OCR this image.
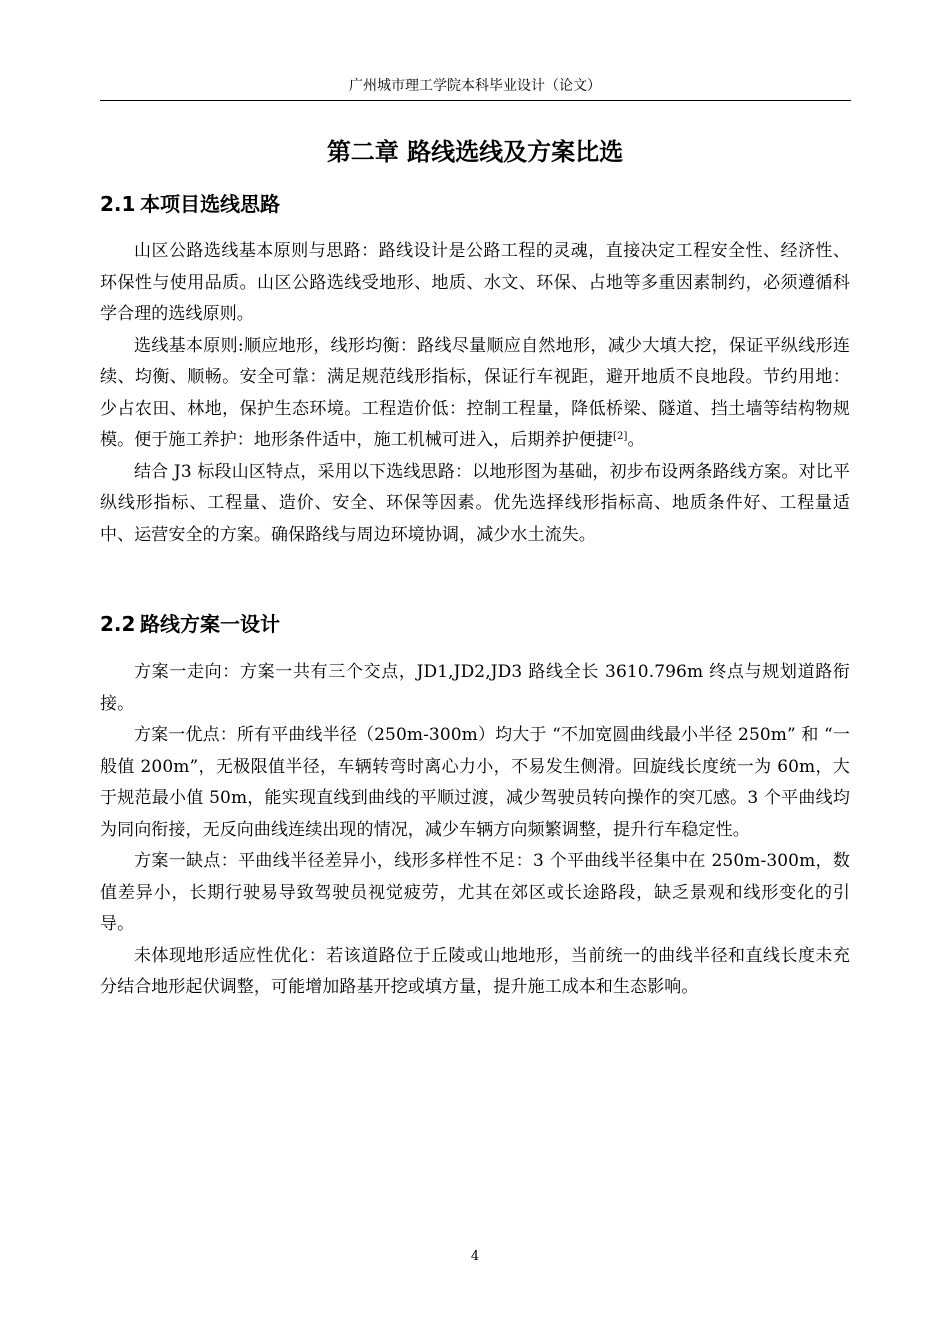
广州城市理工学院本科毕业设计（论文）
第二章 路线选线及方案比选
2.1 本项目选线思路

山区公路选线基本原则与思路：路线设计是公路工程的灵魂，直接决定工程安全性、经济性、环保性与使用品质。山区公路选线受地形、地质、水文、环保、占地等多重因素制约，必须遵循科学合理的选线原则。

选线基本原则:顺应地形，线形均衡：路线尽量顺应自然地形，减少大填大挖，保证平纵线形连续、均衡、顺畅。安全可靠：满足规范线形指标，保证行车视距，避开地质不良地段。节约用地：少占农田、林地，保护生态环境。工程造价低：控制工程量，降低桥梁、隧道、挡土墙等结构物规模。便于施工养护：地形条件适中，施工机械可进入，后期养护便捷[2]。

结合 J3 标段山区特点，采用以下选线思路：以地形图为基础，初步布设两条路线方案。对比平纵线形指标、工程量、造价、安全、环保等因素。优先选择线形指标高、地质条件好、工程量适中、运营安全的方案。确保路线与周边环境协调，减少水土流失。

2.2 路线方案一设计

方案一走向：方案一共有三个交点，JD1,JD2,JD3 路线全长 3610.796m 终点与规划道路衔接。

方案一优点：所有平曲线半径（250m-300m）均大于 “不加宽圆曲线最小半径 250m” 和 “一般值 200m”，无极限值半径，车辆转弯时离心力小，不易发生侧滑。回旋线长度统一为 60m，大于规范最小值 50m，能实现直线到曲线的平顺过渡，减少驾驶员转向操作的突兀感。3 个平曲线均为同向衔接，无反向曲线连续出现的情况，减少车辆方向频繁调整，提升行车稳定性。

方案一缺点：平曲线半径差异小，线形多样性不足：3 个平曲线半径集中在 250m-300m，数值差异小，长期行驶易导致驾驶员视觉疲劳，尤其在郊区或长途路段，缺乏景观和线形变化的引导。

未体现地形适应性优化：若该道路位于丘陵或山地地形，当前统一的曲线半径和直线长度未充分结合地形起伏调整，可能增加路基开挖或填方量，提升施工成本和生态影响。

4
